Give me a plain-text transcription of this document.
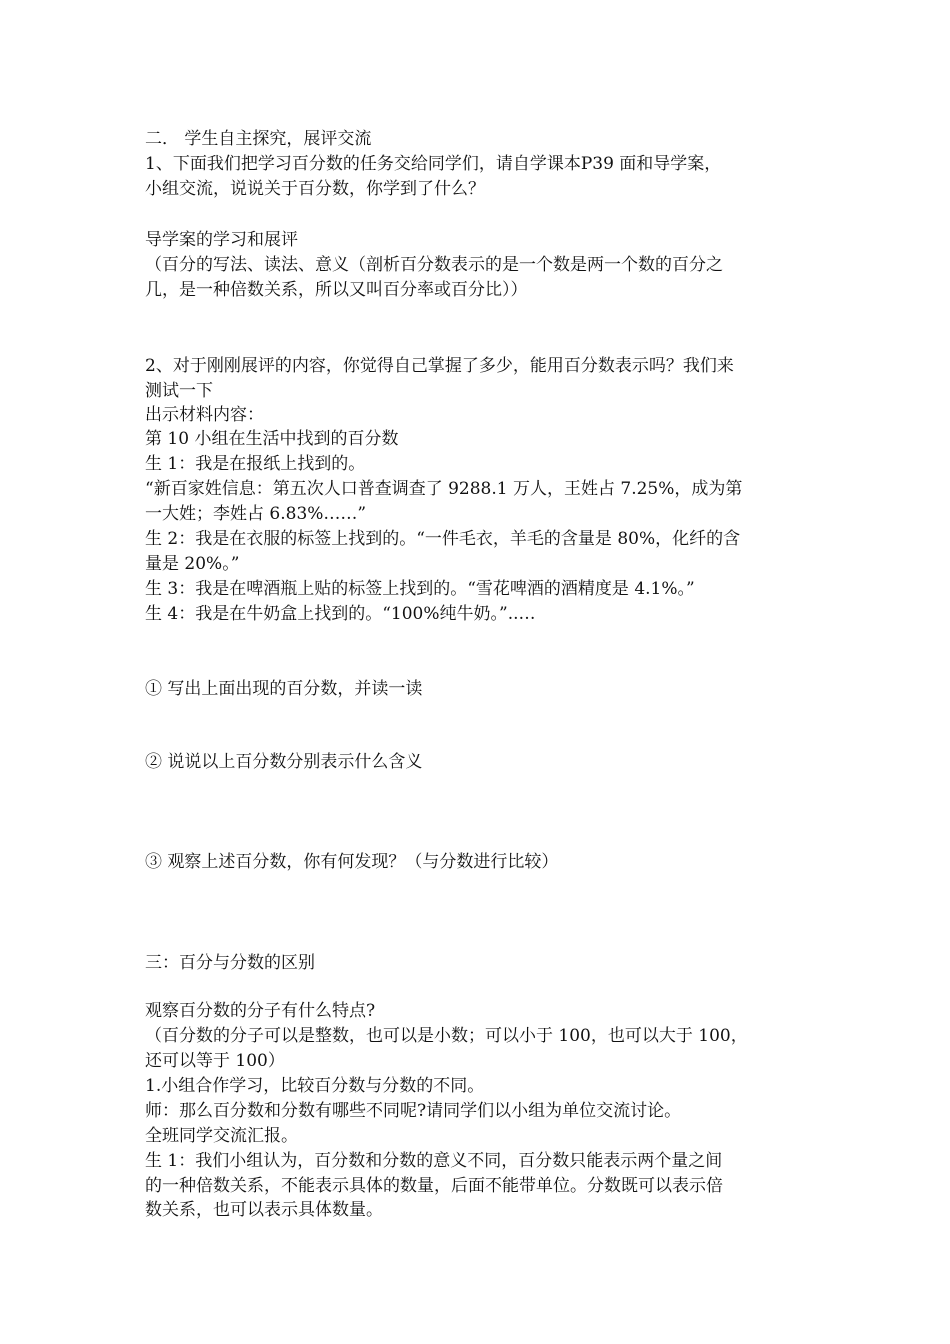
二． 学生自主探究，展评交流
1、下面我们把学习百分数的任务交给同学们，请自学课本P39 面和导学案，
小组交流，说说关于百分数，你学到了什么？
导学案的学习和展评
（百分的写法、读法、意义（剖析百分数表示的是一个数是两一个数的百分之
几，是一种倍数关系，所以又叫百分率或百分比））
2、对于刚刚展评的内容，你觉得自己掌握了多少，能用百分数表示吗？我们来
测试一下
出示材料内容：
第 10 小组在生活中找到的百分数
生 1：我是在报纸上找到的。
“新百家姓信息：第五次人口普查调查了 9288.1 万人，王姓占 7.25%，成为第
一大姓；李姓占 6.83%……”
生 2：我是在衣服的标签上找到的。“一件毛衣，羊毛的含量是 80%，化纤的含
量是 20%。”
生 3：我是在啤酒瓶上贴的标签上找到的。“雪花啤酒的酒精度是 4.1%。”
生 4：我是在牛奶盒上找到的。“100%纯牛奶。”..…
① 写出上面出现的百分数，并读一读
② 说说以上百分数分别表示什么含义
③ 观察上述百分数，你有何发现？（与分数进行比较）
三：百分与分数的区别
观察百分数的分子有什么特点?
（百分数的分子可以是整数，也可以是小数；可以小于 100，也可以大于 100，
还可以等于 100）
1.小组合作学习，比较百分数与分数的不同。
师：那么百分数和分数有哪些不同呢?请同学们以小组为单位交流讨论。
全班同学交流汇报。
生 1：我们小组认为，百分数和分数的意义不同，百分数只能表示两个量之间
的一种倍数关系，不能表示具体的数量，后面不能带单位。分数既可以表示倍
数关系，也可以表示具体数量。
